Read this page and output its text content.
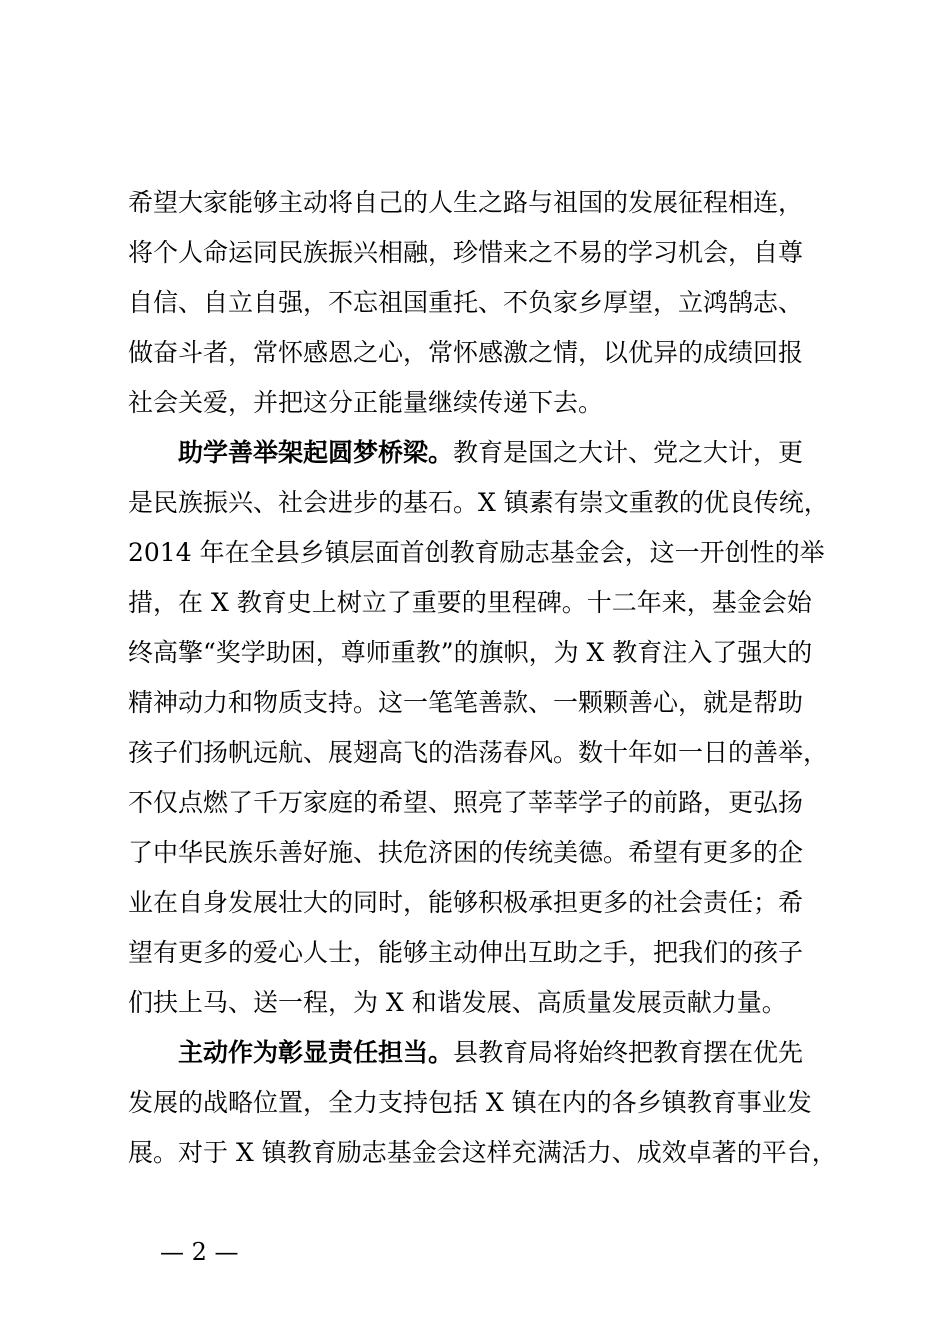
希望大家能够主动将自己的人生之路与祖国的发展征程相连，
将个人命运同民族振兴相融，珍惜来之不易的学习机会，自尊
自信、自立自强，不忘祖国重托、不负家乡厚望，立鸿鹄志、
做奋斗者，常怀感恩之心，常怀感激之情，以优异的成绩回报
社会关爱，并把这分正能量继续传递下去。
助学善举架起圆梦桥梁。教育是国之大计、党之大计，更
是民族振兴、社会进步的基石。X 镇素有崇文重教的优良传统，
2014 年在全县乡镇层面首创教育励志基金会，这一开创性的举
措，在 X 教育史上树立了重要的里程碑。十二年来，基金会始
终高擎“奖学助困，尊师重教”的旗帜，为 X 教育注入了强大的
精神动力和物质支持。这一笔笔善款、一颗颗善心，就是帮助
孩子们扬帆远航、展翅高飞的浩荡春风。数十年如一日的善举，
不仅点燃了千万家庭的希望、照亮了莘莘学子的前路，更弘扬
了中华民族乐善好施、扶危济困的传统美德。希望有更多的企
业在自身发展壮大的同时，能够积极承担更多的社会责任；希
望有更多的爱心人士，能够主动伸出互助之手，把我们的孩子
们扶上马、送一程，为 X 和谐发展、高质量发展贡献力量。
主动作为彰显责任担当。县教育局将始终把教育摆在优先
发展的战略位置，全力支持包括 X 镇在内的各乡镇教育事业发
展。对于 X 镇教育励志基金会这样充满活力、成效卓著的平台，
— 2 —
